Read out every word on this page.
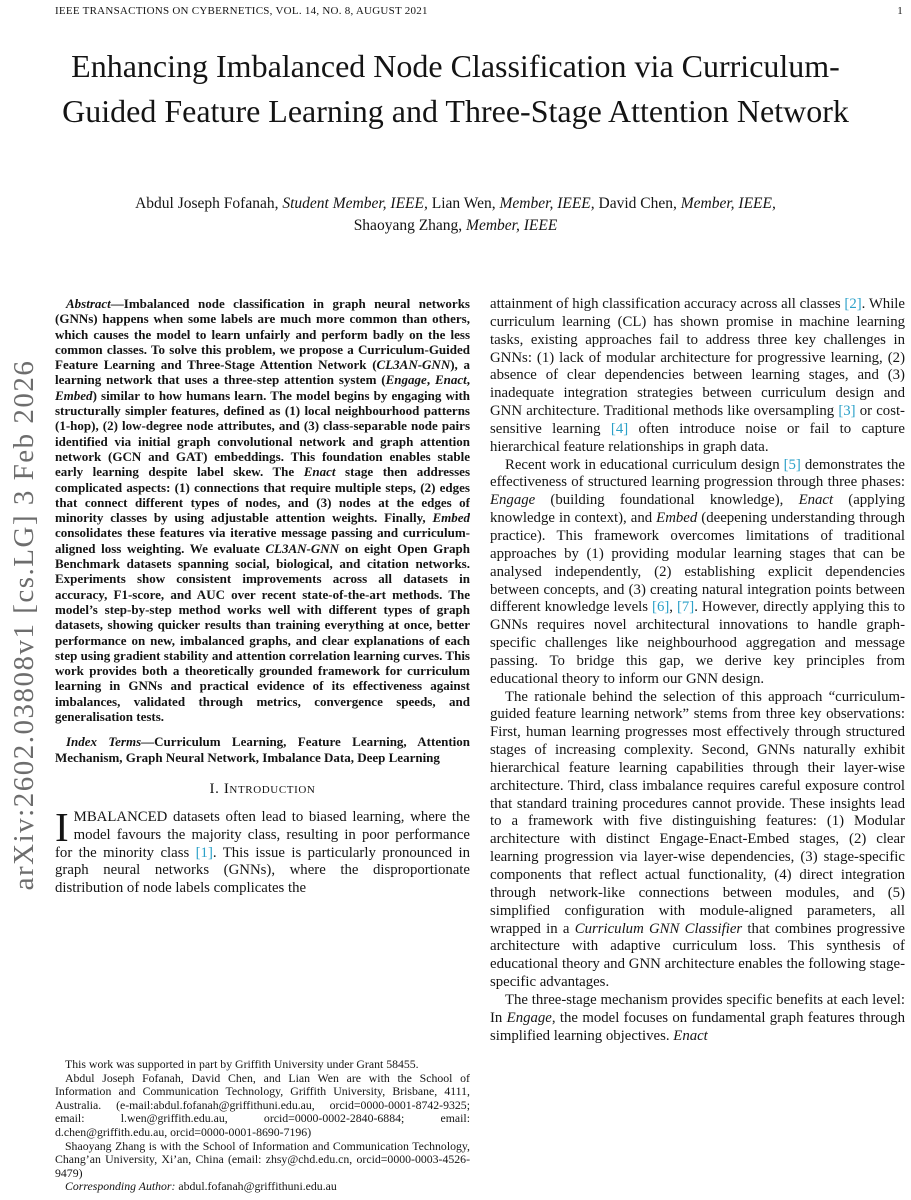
IEEE TRANSACTIONS ON CYBERNETICS, VOL. 14, NO. 8, AUGUST 2021	1
arXiv:2602.03808v1 [cs.LG] 3 Feb 2026
Enhancing Imbalanced Node Classification via Curriculum-Guided Feature Learning and Three-Stage Attention Network
Abdul Joseph Fofanah, Student Member, IEEE, Lian Wen, Member, IEEE, David Chen, Member, IEEE,
Shaoyang Zhang, Member, IEEE

Abstract—Imbalanced node classification in graph neural networks (GNNs) happens when some labels are much more common than others, which causes the model to learn unfairly and perform badly on the less common classes. To solve this problem, we propose a Curriculum-Guided Feature Learning and Three-Stage Attention Network (CL3AN-GNN), a learning network that uses a three-step attention system (Engage, Enact, Embed) similar to how humans learn. The model begins by engaging with structurally simpler features, defined as (1) local neighbourhood patterns (1-hop), (2) low-degree node attributes, and (3) class-separable node pairs identified via initial graph convolutional network and graph attention network (GCN and GAT) embeddings. This foundation enables stable early learning despite label skew. The Enact stage then addresses complicated aspects: (1) connections that require multiple steps, (2) edges that connect different types of nodes, and (3) nodes at the edges of minority classes by using adjustable attention weights. Finally, Embed consolidates these features via iterative message passing and curriculum-aligned loss weighting. We evaluate CL3AN-GNN on eight Open Graph Benchmark datasets spanning social, biological, and citation networks. Experiments show consistent improvements across all datasets in accuracy, F1-score, and AUC over recent state-of-the-art methods. The model’s step-by-step method works well with different types of graph datasets, showing quicker results than training everything at once, better performance on new, imbalanced graphs, and clear explanations of each step using gradient stability and attention correlation learning curves. This work provides both a theoretically grounded framework for curriculum learning in GNNs and practical evidence of its effectiveness against imbalances, validated through metrics, convergence speeds, and generalisation tests.

Index Terms—Curriculum Learning, Feature Learning, Attention Mechanism, Graph Neural Network, Imbalance Data, Deep Learning

I. Introduction

IMBALANCED datasets often lead to biased learning, where the model favours the majority class, resulting in poor performance for the minority class [1]. This issue is particularly pronounced in graph neural networks (GNNs), where the disproportionate distribution of node labels complicates the

This work was supported in part by Griffith University under Grant 58455.

Abdul Joseph Fofanah, David Chen, and Lian Wen are with the School of Information and Communication Technology, Griffith University, Brisbane, 4111, Australia. (e-mail:abdul.fofanah@griffithuni.edu.au, orcid=0000-0001-8742-9325; email: l.wen@griffith.edu.au, orcid=0000-0002-2840-6884; email: d.chen@griffith.edu.au, orcid=0000-0001-8690-7196)

Shaoyang Zhang is with the School of Information and Communication Technology, Chang’an University, Xi’an, China (email: zhsy@chd.edu.cn, orcid=0000-0003-4526-9479)

Corresponding Author: abdul.fofanah@griffithuni.edu.au

attainment of high classification accuracy across all classes [2]. While curriculum learning (CL) has shown promise in machine learning tasks, existing approaches fail to address three key challenges in GNNs: (1) lack of modular architecture for progressive learning, (2) absence of clear dependencies between learning stages, and (3) inadequate integration strategies between curriculum design and GNN architecture. Traditional methods like oversampling [3] or cost-sensitive learning [4] often introduce noise or fail to capture hierarchical feature relationships in graph data.

Recent work in educational curriculum design [5] demonstrates the effectiveness of structured learning progression through three phases: Engage (building foundational knowledge), Enact (applying knowledge in context), and Embed (deepening understanding through practice). This framework overcomes limitations of traditional approaches by (1) providing modular learning stages that can be analysed independently, (2) establishing explicit dependencies between concepts, and (3) creating natural integration points between different knowledge levels [6], [7]. However, directly applying this to GNNs requires novel architectural innovations to handle graph-specific challenges like neighbourhood aggregation and message passing. To bridge this gap, we derive key principles from educational theory to inform our GNN design.

The rationale behind the selection of this approach “curriculum-guided feature learning network” stems from three key observations: First, human learning progresses most effectively through structured stages of increasing complexity. Second, GNNs naturally exhibit hierarchical feature learning capabilities through their layer-wise architecture. Third, class imbalance requires careful exposure control that standard training procedures cannot provide. These insights lead to a framework with five distinguishing features: (1) Modular architecture with distinct Engage-Enact-Embed stages, (2) clear learning progression via layer-wise dependencies, (3) stage-specific components that reflect actual functionality, (4) direct integration through network-like connections between modules, and (5) simplified configuration with module-aligned parameters, all wrapped in a Curriculum GNN Classifier that combines progressive architecture with adaptive curriculum loss. This synthesis of educational theory and GNN architecture enables the following stage-specific advantages.

The three-stage mechanism provides specific benefits at each level: In Engage, the model focuses on fundamental graph features through simplified learning objectives. Enact
